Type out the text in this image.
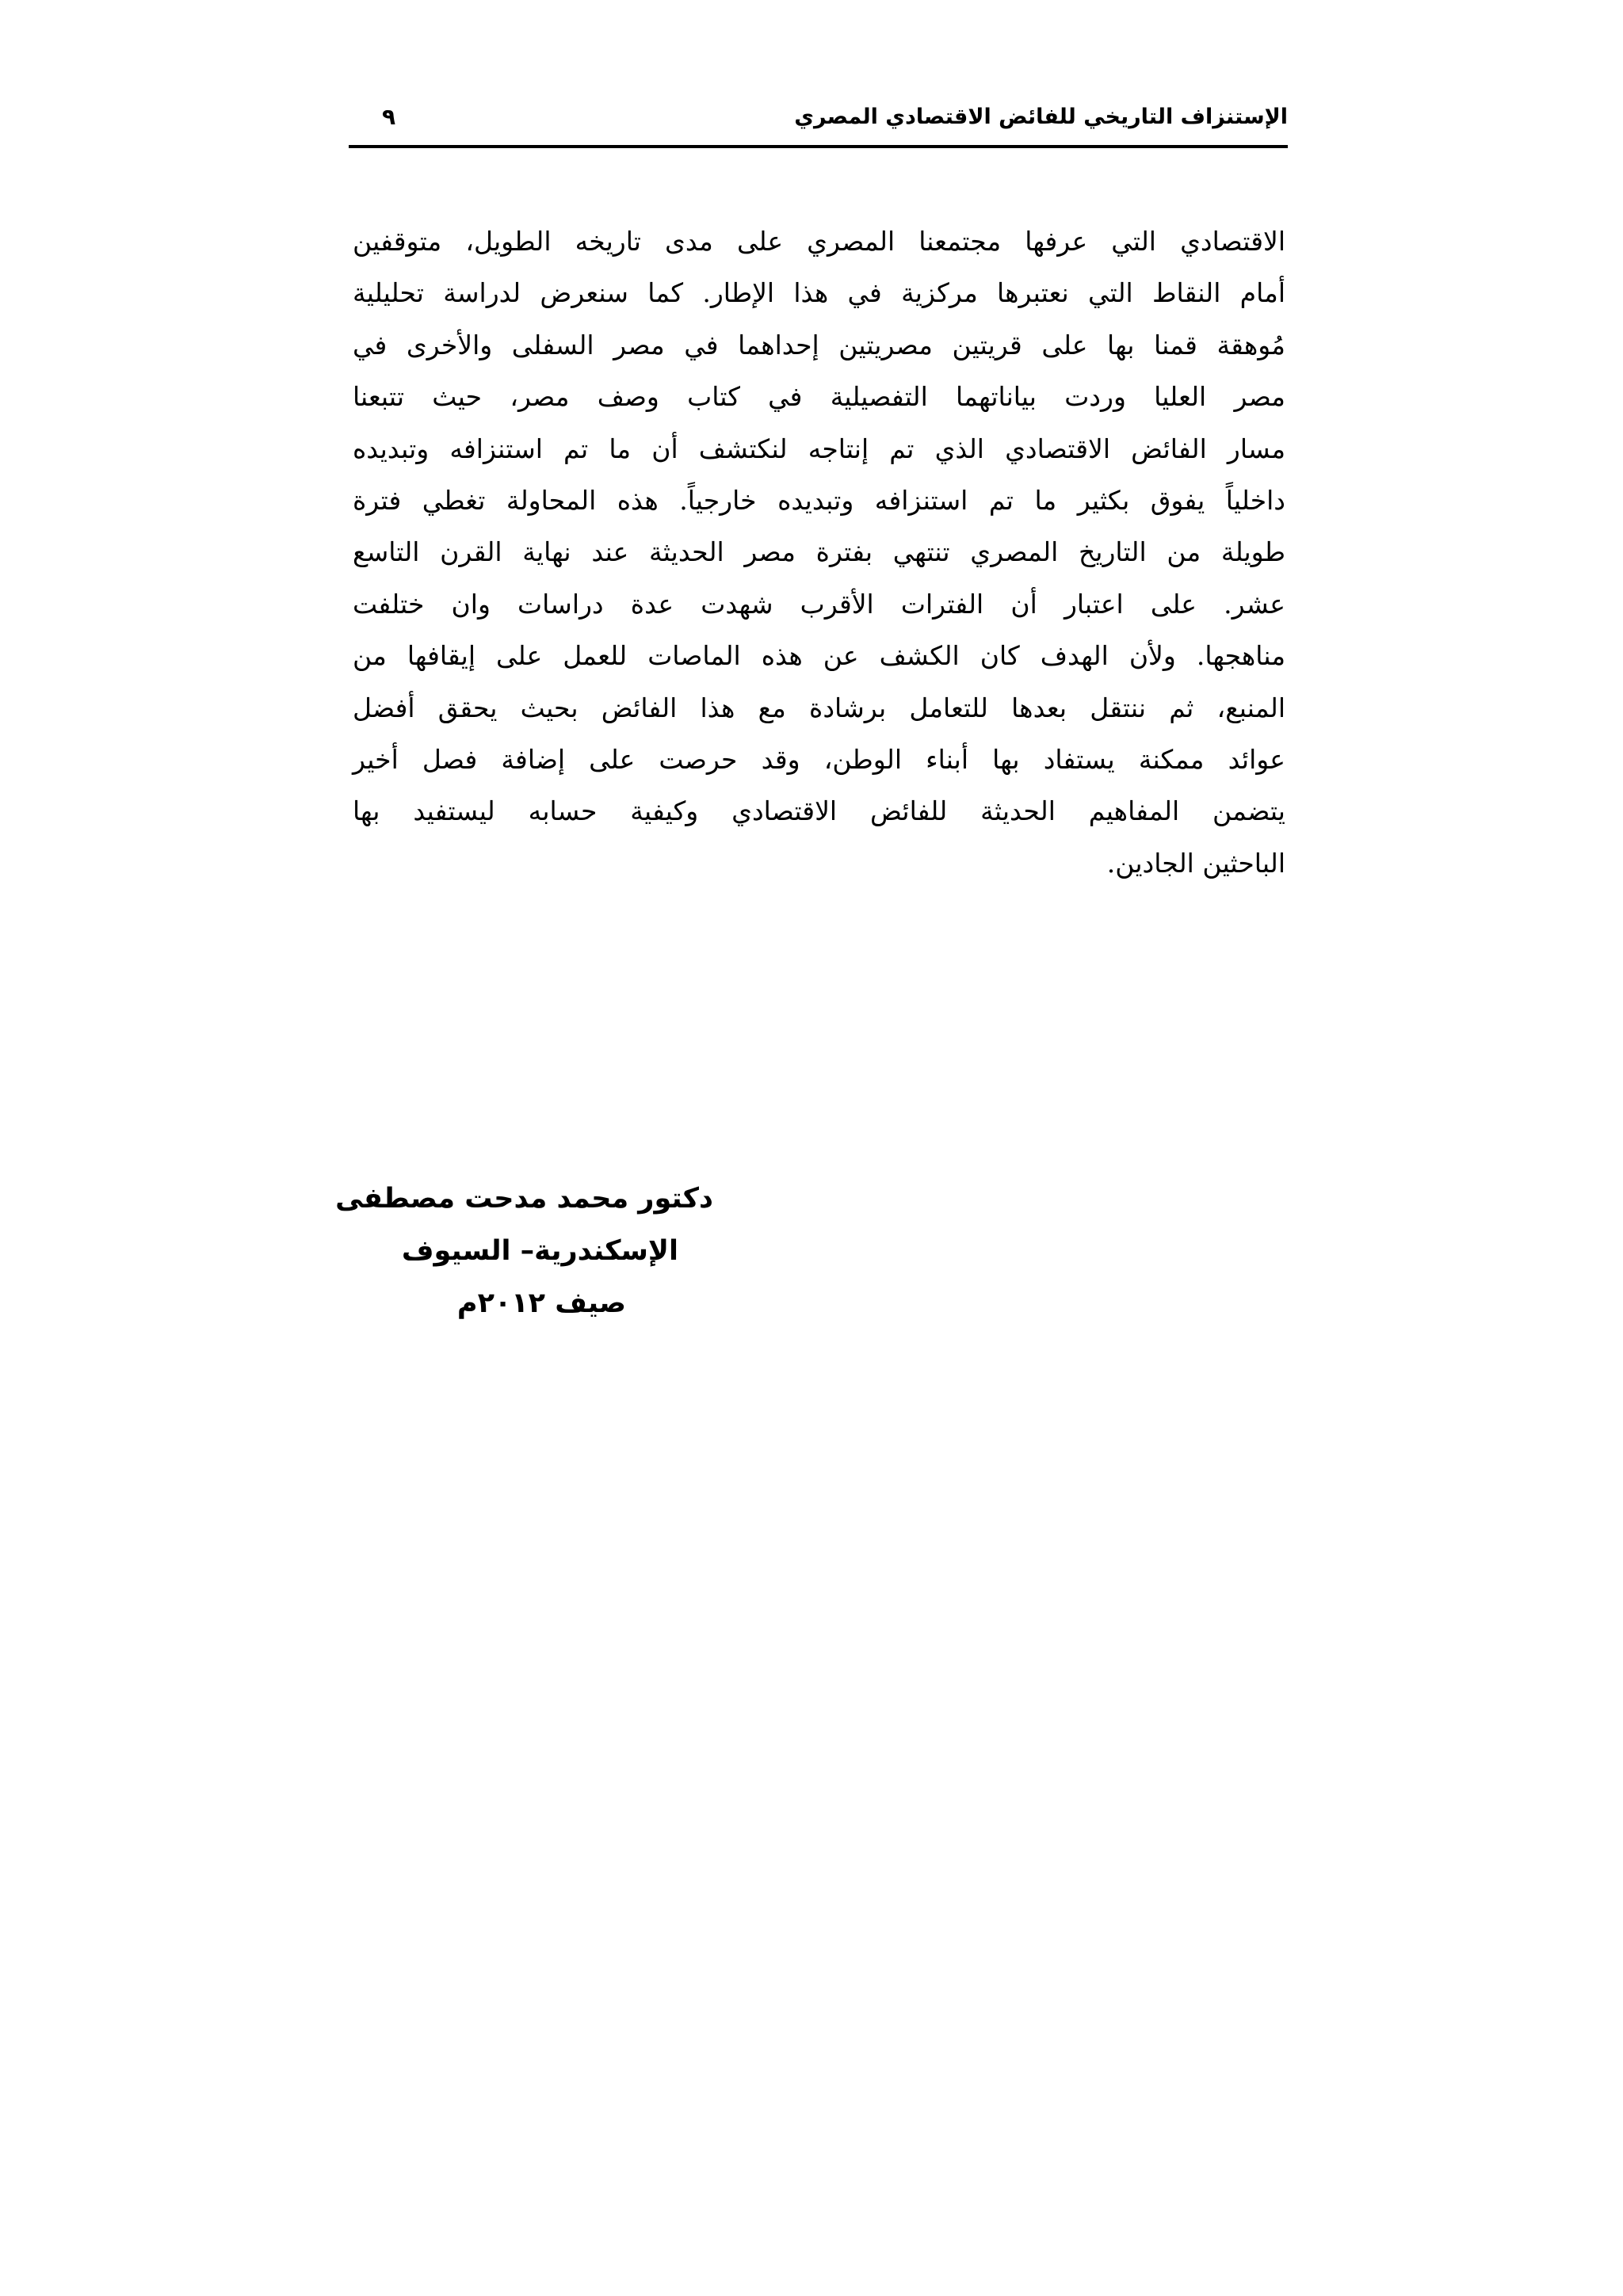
الإستنزاف التاريخي للفائض الاقتصادي المصري
٩
الاقتصادي التي عرفها مجتمعنا المصري على مدى تاريخه الطويل، متوقفين
أمام النقاط التي نعتبرها مركزية في هذا الإطار. كما سنعرض لدراسة تحليلية
مُوهقة قمنا بها على قريتين مصريتين إحداهما في مصر السفلى والأخرى في
مصر العليا وردت بياناتهما التفصيلية في كتاب وصف مصر، حيث تتبعنا
مسار الفائض الاقتصادي الذي تم إنتاجه لنكتشف أن ما تم استنزافه وتبديده
داخلياً يفوق بكثير ما تم استنزافه وتبديده خارجياً. هذه المحاولة تغطي فترة
طويلة من التاريخ المصري تنتهي بفترة مصر الحديثة عند نهاية القرن التاسع
عشر. على اعتبار أن الفترات الأقرب شهدت عدة دراسات وان ختلفت
مناهجها. ولأن الهدف كان الكشف عن هذه الماصات للعمل على إيقافها من
المنبع، ثم ننتقل بعدها للتعامل برشادة مع هذا الفائض بحيث يحقق أفضل
عوائد ممكنة يستفاد بها أبناء الوطن، وقد حرصت على إضافة فصل أخير
يتضمن المفاهيم الحديثة للفائض الاقتصادي وكيفية حسابه ليستفيد بها
الباحثين الجادين.
دكتور محمد مدحت مصطفى
الإسكندرية– السيوف
صيف ٢٠١٢م
